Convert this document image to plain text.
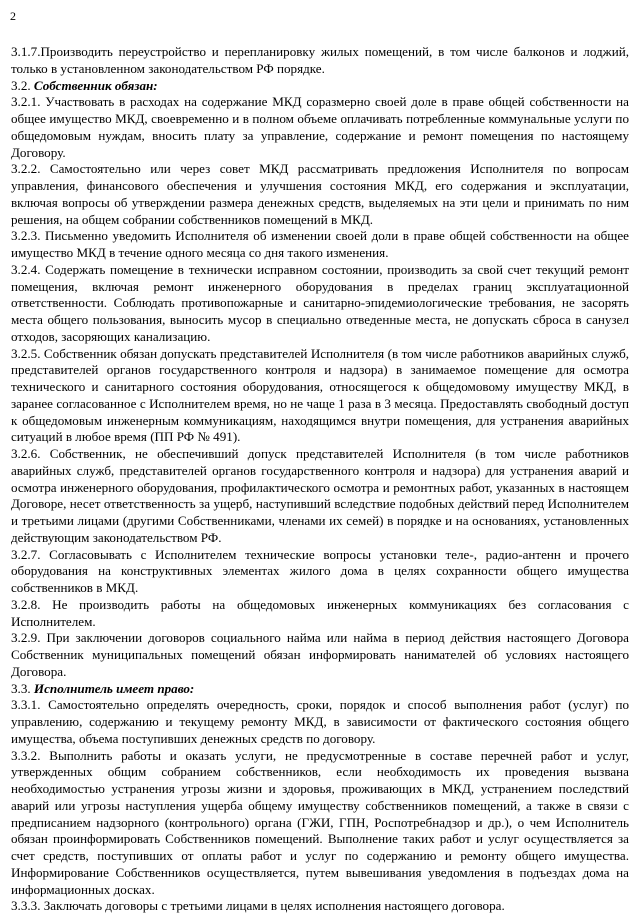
2

3.1.7.Производить переустройство и перепланировку жилых помещений, в том числе балконов и лоджий, только в установленном законодательством РФ порядке.

3.2. Собственник обязан:

3.2.1. Участвовать в расходах на содержание МКД соразмерно своей доле в праве общей собственности на общее имущество МКД, своевременно и в полном объеме оплачивать потребленные коммунальные услуги по общедомовым нуждам, вносить плату за управление, содержание и ремонт помещения по настоящему Договору.

3.2.2. Самостоятельно или через совет МКД рассматривать предложения Исполнителя по вопросам управления, финансового обеспечения и улучшения состояния МКД, его содержания и эксплуатации, включая вопросы об утверждении размера денежных средств, выделяемых на эти цели и принимать по ним решения, на общем собрании собственников помещений в МКД.

3.2.3. Письменно уведомить Исполнителя об изменении своей доли в праве общей собственности на общее имущество МКД в течение одного месяца со дня такого изменения.

3.2.4. Содержать помещение в технически исправном состоянии, производить за свой счет текущий ремонт помещения, включая ремонт инженерного оборудования в пределах границ эксплуатационной ответственности. Соблюдать противопожарные и санитарно-эпидемиологические требования, не засорять места общего пользования, выносить мусор в специально отведенные места, не допускать сброса в санузел отходов, засоряющих канализацию.

3.2.5. Собственник обязан допускать представителей Исполнителя (в том числе работников аварийных служб, представителей органов государственного контроля и надзора) в занимаемое помещение для осмотра технического и санитарного состояния оборудования, относящегося к общедомовому имуществу МКД, в заранее согласованное с Исполнителем время, но не чаще 1 раза в 3 месяца. Предоставлять свободный доступ к общедомовым инженерным коммуникациям, находящимся внутри помещения, для устранения аварийных ситуаций в любое время (ПП РФ № 491).

3.2.6. Собственник, не обеспечивший допуск представителей Исполнителя (в том числе работников аварийных служб, представителей органов государственного контроля и надзора) для устранения аварий и осмотра инженерного оборудования, профилактического осмотра и ремонтных работ, указанных в настоящем Договоре, несет ответственность за ущерб, наступивший вследствие подобных действий перед Исполнителем и третьими лицами (другими Собственниками, членами их семей) в порядке и на основаниях, установленных действующим законодательством РФ.

3.2.7. Согласовывать с Исполнителем технические вопросы установки теле-, радио-антенн и прочего оборудования на конструктивных элементах жилого дома в целях сохранности общего имущества собственников в МКД.

3.2.8. Не производить работы на общедомовых инженерных коммуникациях без согласования с Исполнителем.

3.2.9. При заключении договоров социального найма или найма в период действия настоящего Договора Собственник муниципальных помещений обязан информировать нанимателей об условиях настоящего Договора.

3.3. Исполнитель имеет право:

3.3.1. Самостоятельно определять очередность, сроки, порядок и способ выполнения работ (услуг) по управлению, содержанию и текущему ремонту МКД, в зависимости от фактического состояния общего имущества, объема поступивших денежных средств по договору.

3.3.2. Выполнить работы и оказать услуги, не предусмотренные в составе перечней работ и услуг, утвержденных общим собранием собственников, если необходимость их проведения вызвана необходимостью устранения угрозы жизни и здоровья, проживающих в МКД, устранением последствий аварий или угрозы наступления ущерба общему имуществу собственников помещений, а также в связи с предписанием надзорного (контрольного) органа (ГЖИ, ГПН, Роспотребнадзор и др.), о чем Исполнитель обязан проинформировать Собственников помещений. Выполнение таких работ и услуг осуществляется за счет средств, поступивших от оплаты работ и услуг по содержанию и ремонту общего имущества. Информирование Собственников осуществляется, путем вывешивания уведомления в подъездах дома на информационных досках.

3.3.3. Заключать договоры с третьими лицами в целях исполнения настоящего договора.
